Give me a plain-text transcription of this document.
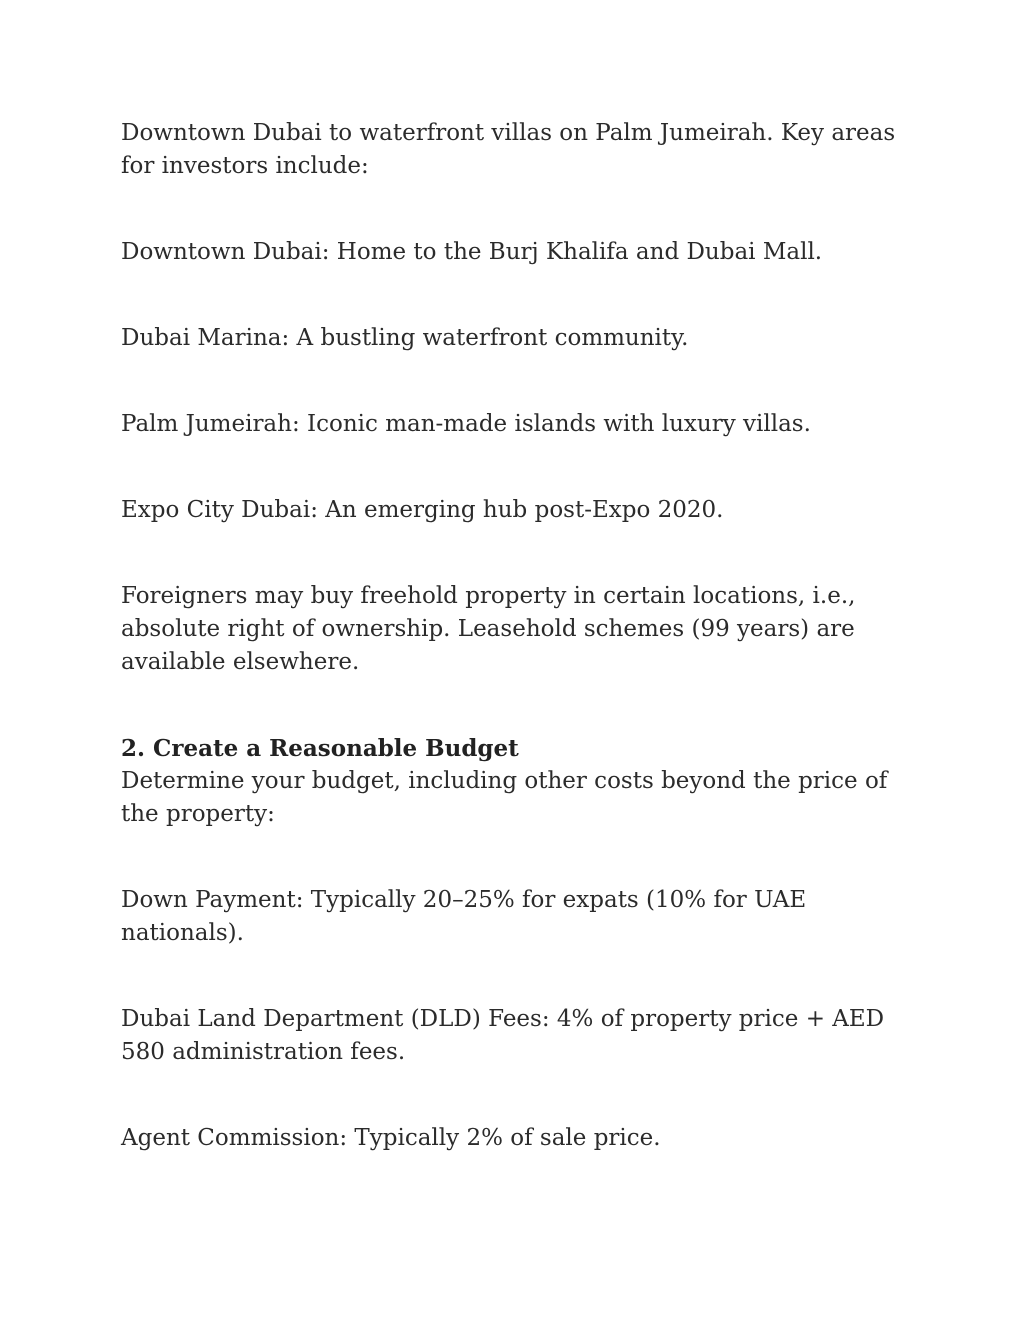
Downtown Dubai to waterfront villas on Palm Jumeirah. Key areas for investors include:

Downtown Dubai: Home to the Burj Khalifa and Dubai Mall.

Dubai Marina: A bustling waterfront community.

Palm Jumeirah: Iconic man-made islands with luxury villas.

Expo City Dubai: An emerging hub post-Expo 2020.

Foreigners may buy freehold property in certain locations, i.e., absolute right of ownership. Leasehold schemes (99 years) are available elsewhere.

2. Create a Reasonable Budget

Determine your budget, including other costs beyond the price of the property:

Down Payment: Typically 20–25% for expats (10% for UAE nationals).

Dubai Land Department (DLD) Fees: 4% of property price + AED 580 administration fees.

Agent Commission: Typically 2% of sale price.
